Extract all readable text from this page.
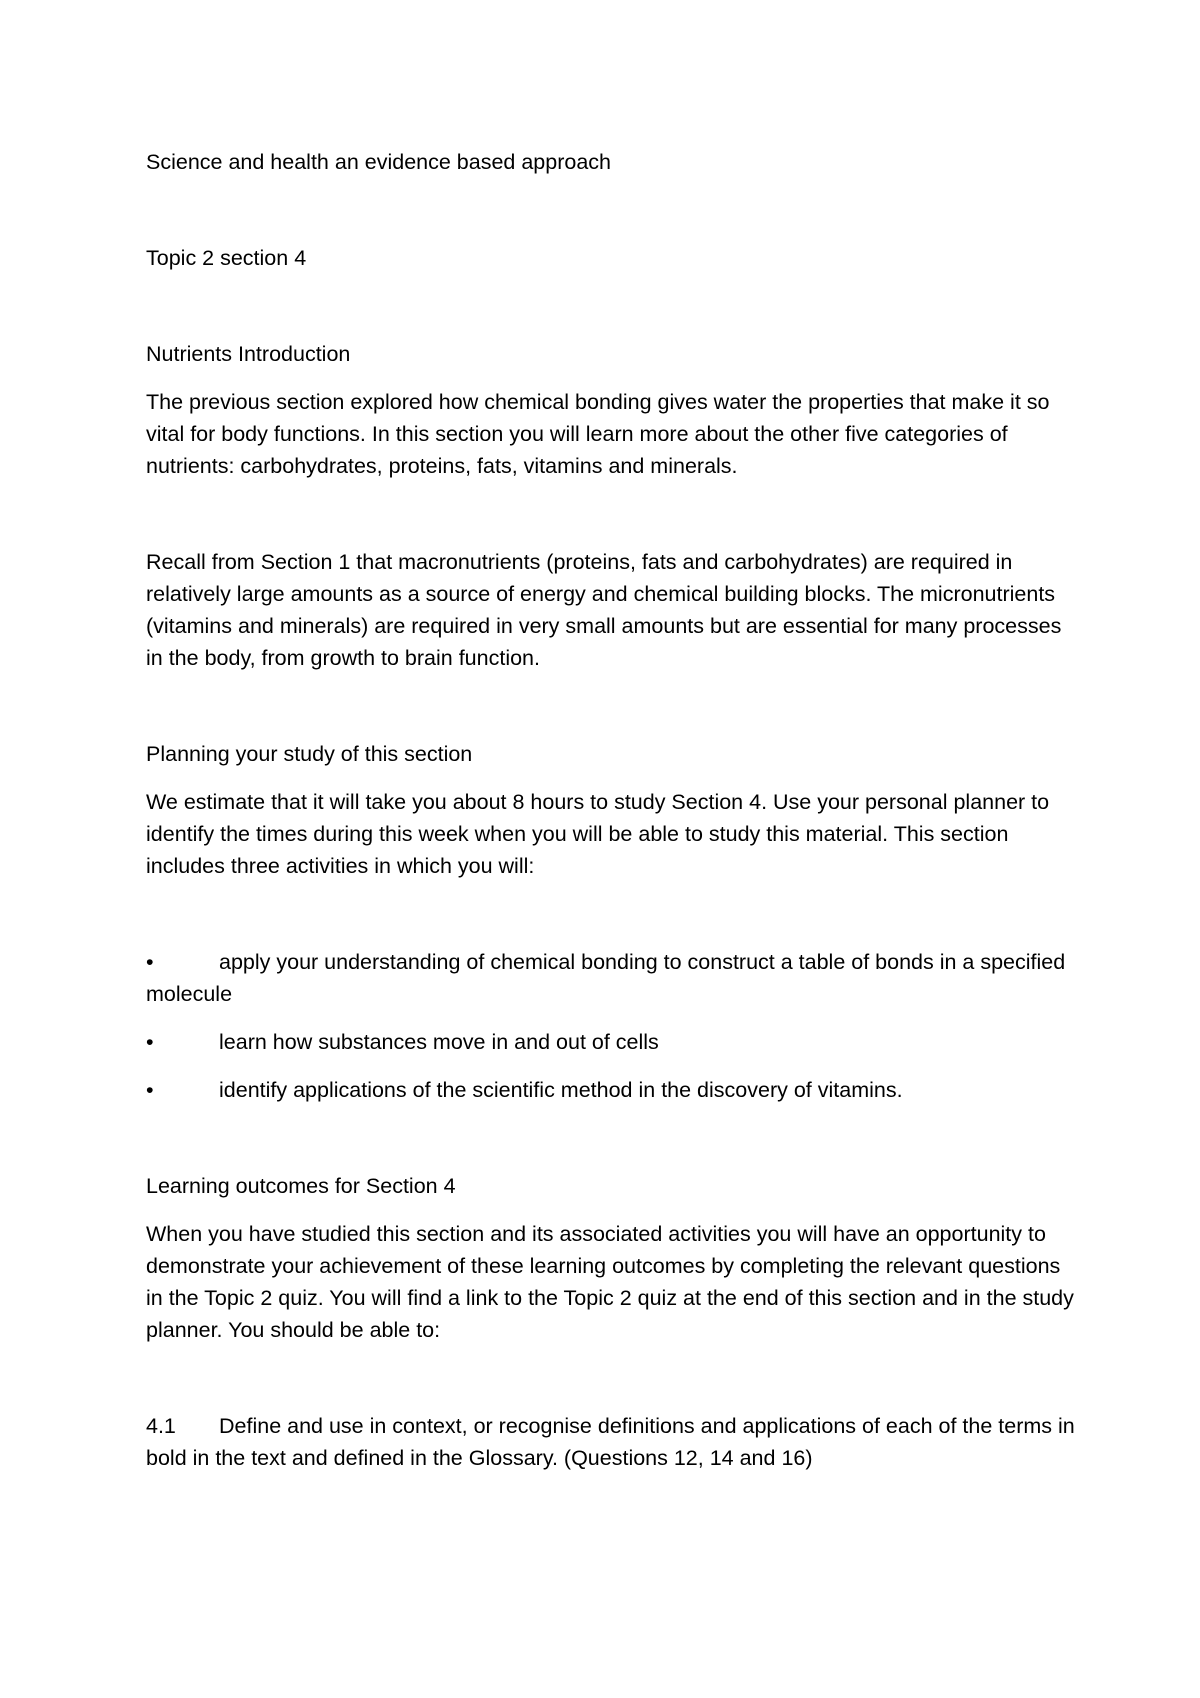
Science and health an evidence based approach

Topic 2 section 4

Nutrients Introduction

The previous section explored how chemical bonding gives water the properties that make it so vital for body functions. In this section you will learn more about the other five categories of nutrients: carbohydrates, proteins, fats, vitamins and minerals.

Recall from Section 1 that macronutrients (proteins, fats and carbohydrates) are required in relatively large amounts as a source of energy and chemical building blocks. The micronutrients (vitamins and minerals) are required in very small amounts but are essential for many processes in the body, from growth to brain function.

Planning your study of this section

We estimate that it will take you about 8 hours to study Section 4. Use your personal planner to identify the times during this week when you will be able to study this material. This section includes three activities in which you will:

•	apply your understanding of chemical bonding to construct a table of bonds in a specified molecule
•	learn how substances move in and out of cells
•	identify applications of the scientific method in the discovery of vitamins.

Learning outcomes for Section 4

When you have studied this section and its associated activities you will have an opportunity to demonstrate your achievement of these learning outcomes by completing the relevant questions in the Topic 2 quiz. You will find a link to the Topic 2 quiz at the end of this section and in the study planner. You should be able to:

4.1 Define and use in context, or recognise definitions and applications of each of the terms in bold in the text and defined in the Glossary. (Questions 12, 14 and 16)
